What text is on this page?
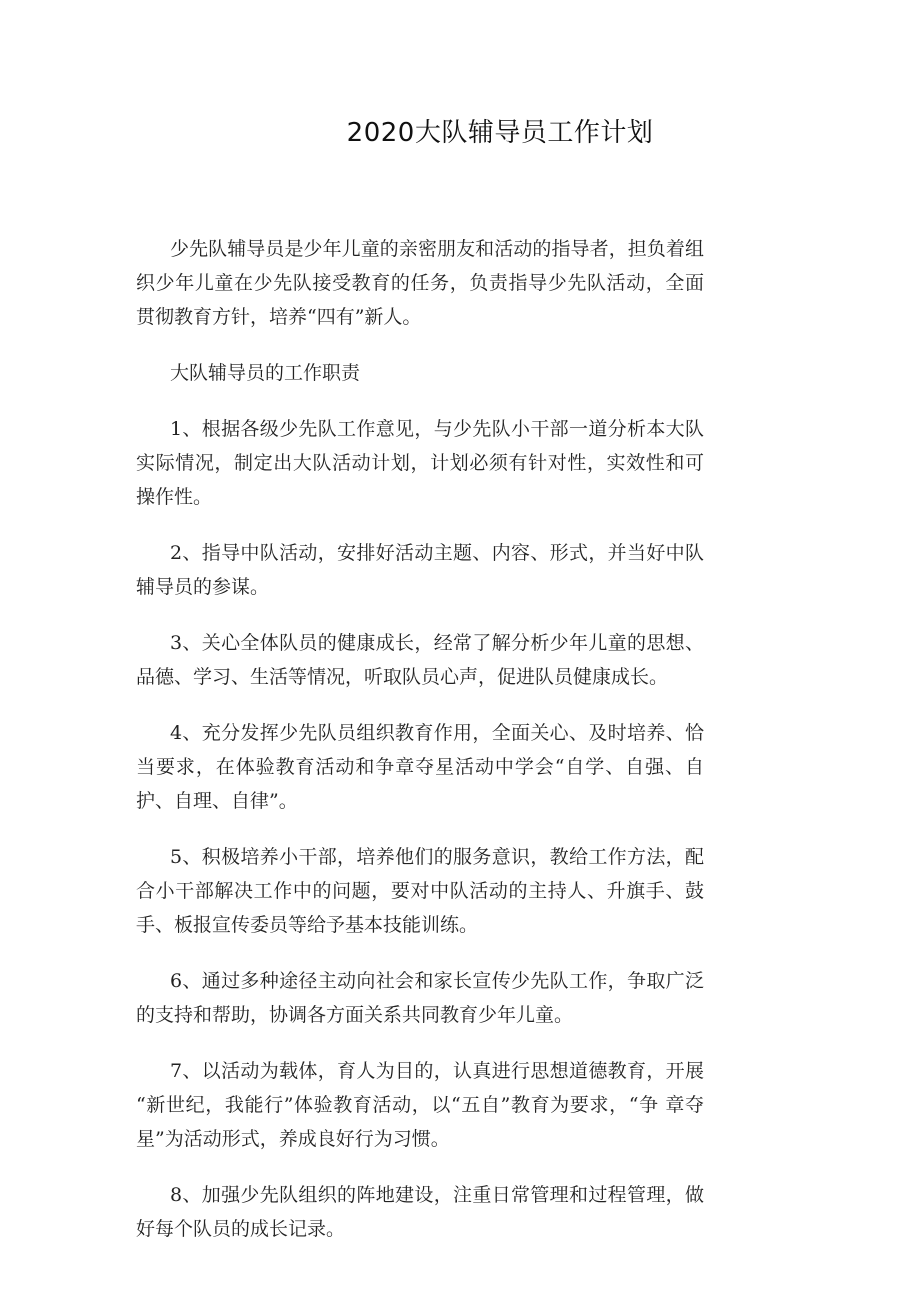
2020大队辅导员工作计划

少先队辅导员是少年儿童的亲密朋友和活动的指导者，担负着组 织少年儿童在少先队接受教育的任务，负责指导少先队活动，全面 贯彻教育方针，培养“四有”新人。

大队辅导员的工作职责

1、根据各级少先队工作意见，与少先队小干部一道分析本大队 实际情况，制定出大队活动计划，计划必须有针对性，实效性和可 操作性。

2、指导中队活动，安排好活动主题、内容、形式，并当好中队 辅导员的参谋。

3、关心全体队员的健康成长，经常了解分析少年儿童的思想、 品德、学习、生活等情况，听取队员心声，促进队员健康成长。

4、充分发挥少先队员组织教育作用，全面关心、及时培养、恰 当要求，在体验教育活动和争章夺星活动中学会“自学、自强、自 护、自理、自律”。

5、积极培养小干部，培养他们的服务意识，教给工作方法，配 合小干部解决工作中的问题，要对中队活动的主持人、升旗手、鼓 手、板报宣传委员等给予基本技能训练。

6、通过多种途径主动向社会和家长宣传少先队工作，争取广泛 的支持和帮助，协调各方面关系共同教育少年儿童。

7、以活动为载体，育人为目的，认真进行思想道德教育，开展 “新世纪，我能行”体验教育活动，以“五自”教育为要求，“争 章夺星”为活动形式，养成良好行为习惯。

8、加强少先队组织的阵地建设，注重日常管理和过程管理，做 好每个队员的成长记录。
